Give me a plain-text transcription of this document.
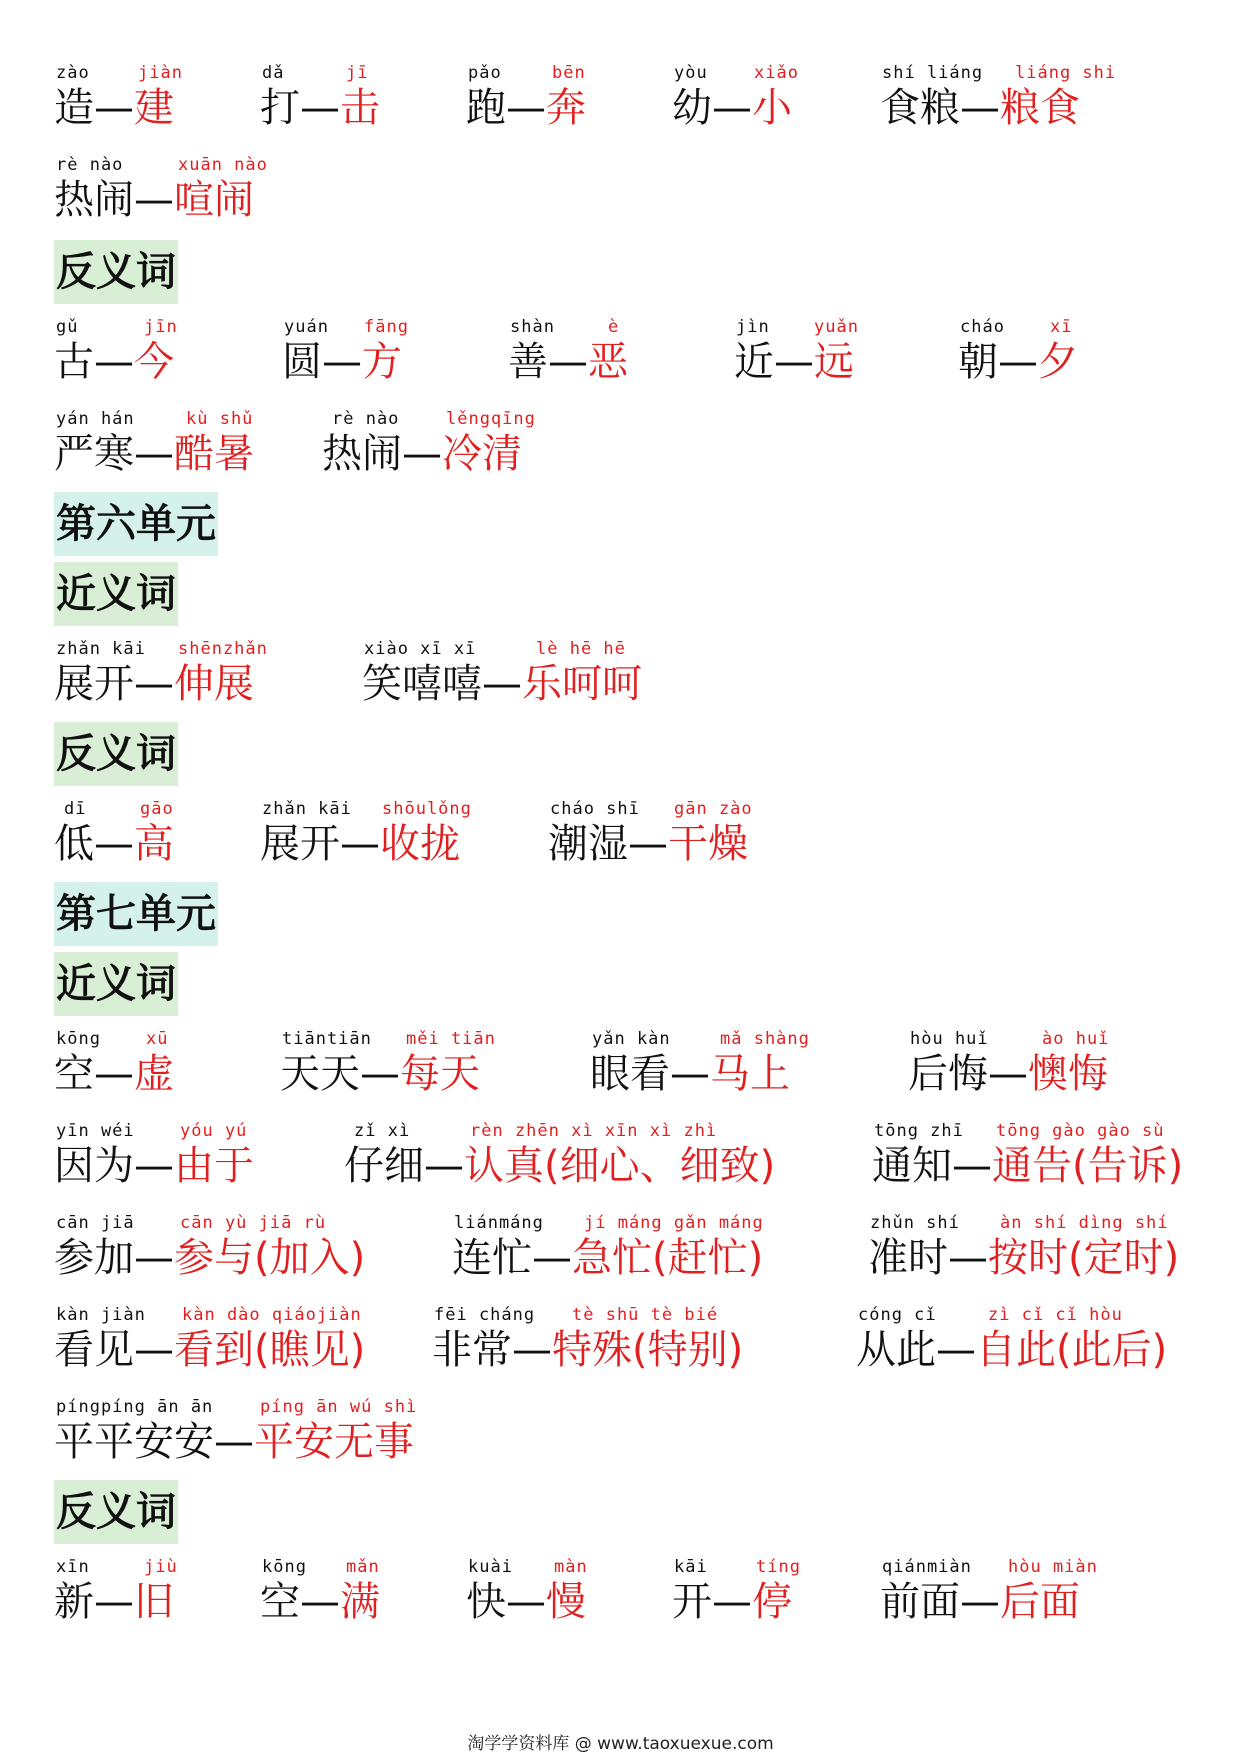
zào	jiàn
造—建
dǎ	jī
打—击
pǎo	bēn
跑—奔
yòu	xiǎo
幼—小
shí liáng liáng shi
食粮—粮食
rè nào	xuān nào
热闹—喧闹
反义词
gǔ	jīn
古—今
yuán fāng
圆—方
shàn	è
善—恶
jìn	yuǎn
近—远
cháo	xī
朝—夕
yán hán	kù shǔ
严寒—酷暑
rè nào	lěngqīng
热闹—冷清
第六单元
近义词
zhǎn kāi shēnzhǎn
展开—伸展
xiào xī xī	lè hē hē
笑嘻嘻—乐呵呵
反义词
dī	gāo
低—高
zhǎn kāi shōulǒng
展开—收拢
cháo shī gān zào
潮湿—干燥
第七单元
近义词
kōng	xū
空—虚
tiāntiān měi tiān
天天—每天
yǎn kàn	mǎ shàng
眼看—马上
hòu huǐ	ào huǐ
后悔—懊悔
yīn wéi	yóu yú
因为—由于
zǐ xì	rèn zhēn xì xīn xì zhì
仔细—认真(细心、细致)
tōng zhī tōng gào gào sù
通知—通告(告诉)
cān jiā	cān yù jiā rù
参加—参与(加入)
liánmáng jí máng gǎn máng
连忙—急忙(赶忙)
zhǔn shí àn shí dìng shí
准时—按时(定时)
kàn jiàn kàn dào qiáojiàn
看见—看到(瞧见)
fēi cháng tè shū tè bié
非常—特殊(特别)
cóng cǐ	zì cǐ cǐ hòu
从此—自此(此后)
píngpíng ān ān	píng ān wú shì
平平安安—平安无事
反义词
xīn	jiù
新—旧
kōng mǎn
空—满
kuài màn
快—慢
kāi	tíng
开—停
qiánmiàn hòu miàn
前面—后面
淘学学资料库 @ www.taoxuexue.com
